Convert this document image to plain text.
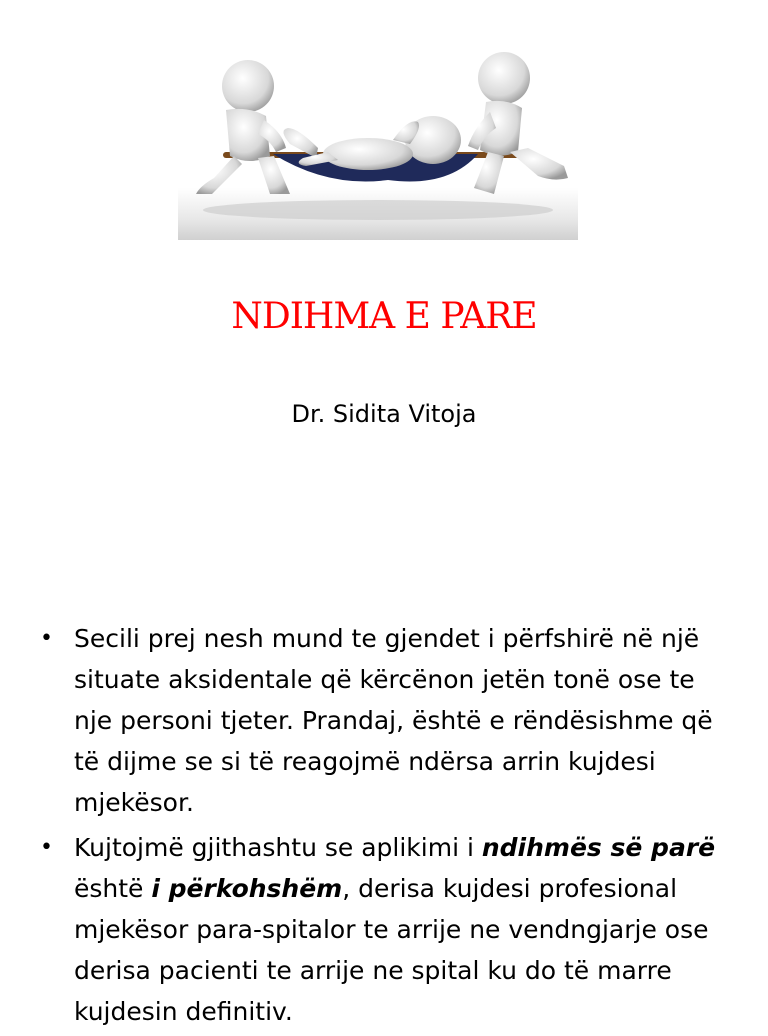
NDIHMA E PARE
Dr. Sidita Vitoja
• Secili prej nesh mund te gjendet i përfshirë në një situate aksidentale që kërcënon jetën tonë ose te nje personi tjeter. Prandaj, është e rëndësishme që të dijme se si të reagojmë ndërsa arrin kujdesi mjekësor.
• Kujtojmë gjithashtu se aplikimi i ndihmës së parë është i përkohshëm, derisa kujdesi profesional mjekësor para-spitalor te arrije ne vendngjarje ose derisa pacienti te arrije ne spital ku do të marre kujdesin definitiv.
